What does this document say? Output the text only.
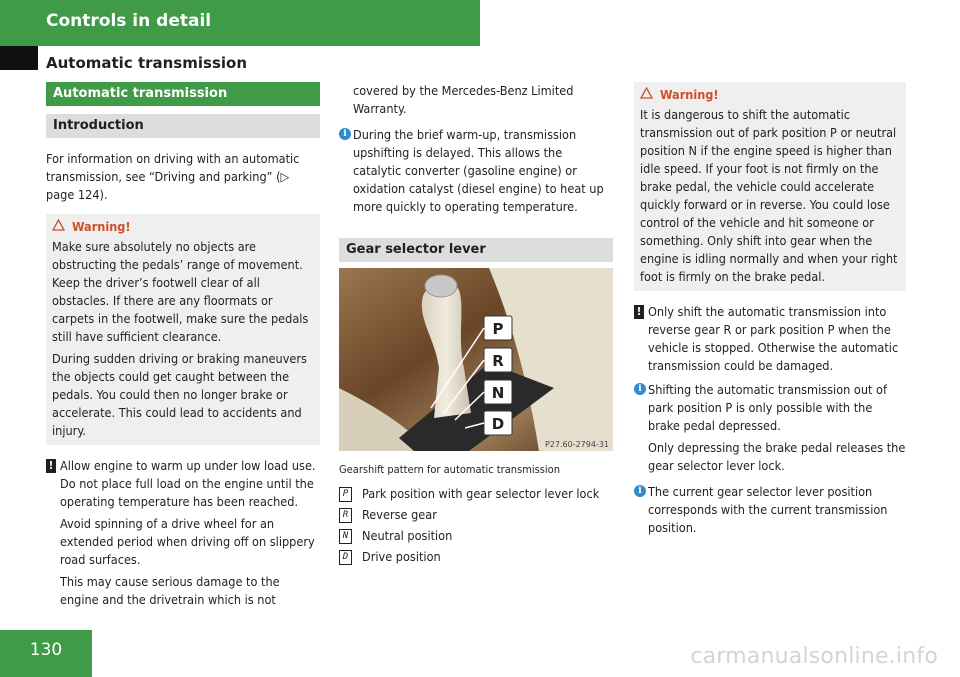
Controls in detail
Automatic transmission
Automatic transmission
Introduction

For information on driving with an automatic transmission, see “Driving and parking” (▷ page 124).

Warning!

Make sure absolutely no objects are obstructing the pedals’ range of movement. Keep the driver’s footwell clear of all obstacles. If there are any floormats or carpets in the footwell, make sure the pedals still have sufficient clearance.

During sudden driving or braking maneuvers the objects could get caught between the pedals. You could then no longer brake or accelerate. This could lead to accidents and injury.

! Allow engine to warm up under low load use. Do not place full load on the engine until the operating temperature has been reached.

Avoid spinning of a drive wheel for an extended period when driving off on slippery road surfaces.

This may cause serious damage to the engine and the drivetrain which is not

covered by the Mercedes-Benz Limited Warranty.

i During the brief warm-up, transmission upshifting is delayed. This allows the catalytic converter (gasoline engine) or oxidation catalyst (diesel engine) to heat up more quickly to operating temperature.

Gear selector lever
P
R
N
D
P27.60-2794-31
Gearshift pattern for automatic transmission
P	Park position with gear selector lever lock
R	Reverse gear
N	Neutral position
D	Drive position
Warning!

It is dangerous to shift the automatic transmission out of park position P or neutral position N if the engine speed is higher than idle speed. If your foot is not firmly on the brake pedal, the vehicle could accelerate quickly forward or in reverse. You could lose control of the vehicle and hit someone or something. Only shift into gear when the engine is idling normally and when your right foot is firmly on the brake pedal.

! Only shift the automatic transmission into reverse gear R or park position P when the vehicle is stopped. Otherwise the automatic transmission could be damaged.

i Shifting the automatic transmission out of park position P is only possible with the brake pedal depressed.

Only depressing the brake pedal releases the gear selector lever lock.

i The current gear selector lever position corresponds with the current transmission position.

130	carmanualsonline.info
